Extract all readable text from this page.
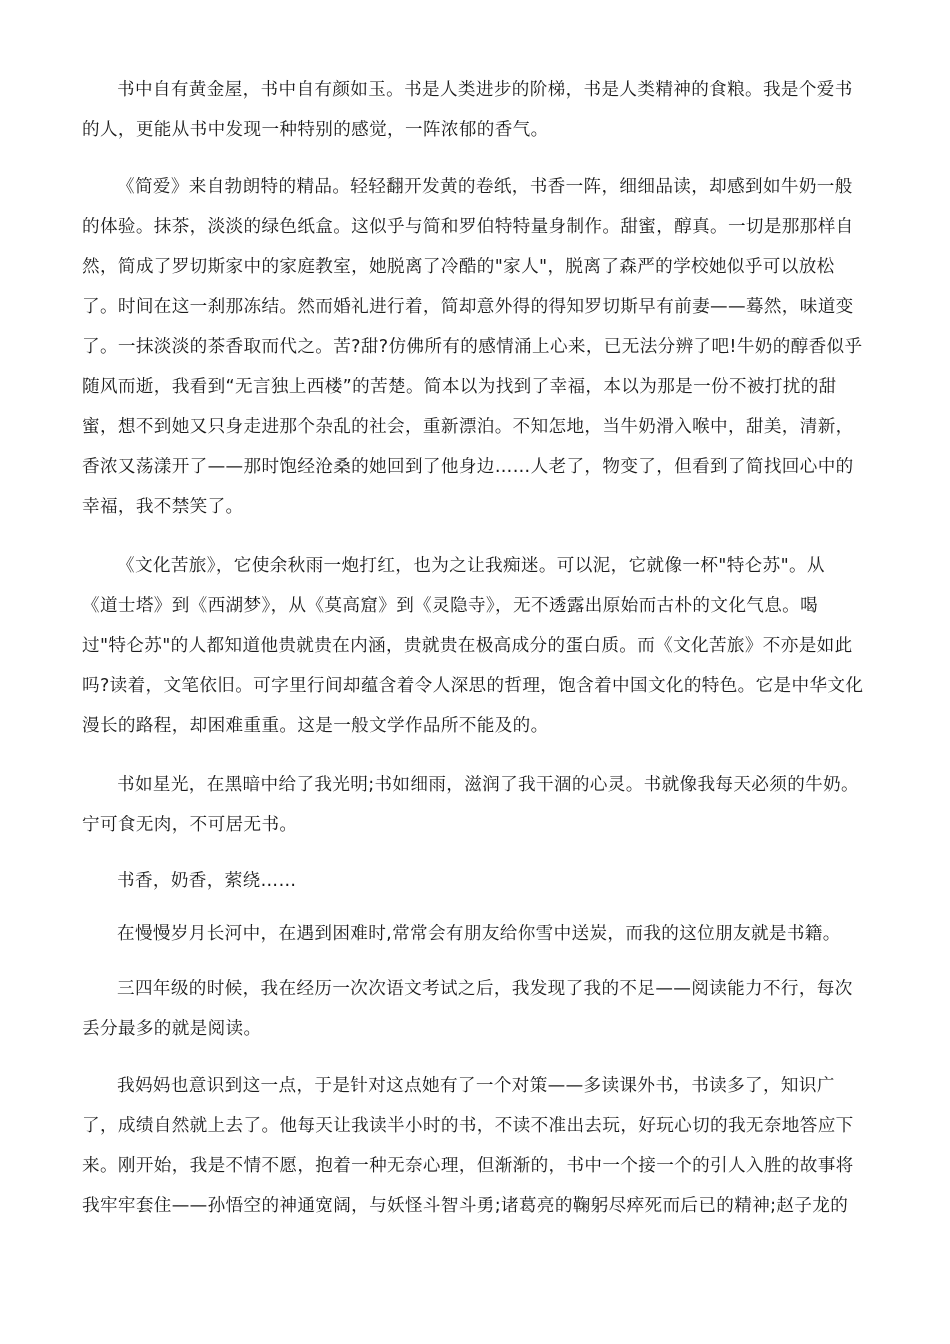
书中自有黄金屋，书中自有颜如玉。书是人类进步的阶梯，书是人类精神的食粮。我是个爱书
的人，更能从书中发现一种特别的感觉，一阵浓郁的香气。
《简爱》来自勃朗特的精品。轻轻翻开发黄的卷纸，书香一阵，细细品读，却感到如牛奶一般
的体验。抹茶，淡淡的绿色纸盒。这似乎与简和罗伯特特量身制作。甜蜜，醇真。一切是那那样自
然，简成了罗切斯家中的家庭教室，她脱离了冷酷的"家人"，脱离了森严的学校她似乎可以放松
了。时间在这一刹那冻结。然而婚礼进行着，简却意外得的得知罗切斯早有前妻——蓦然，味道变
了。一抹淡淡的茶香取而代之。苦?甜?仿佛所有的感情涌上心来，已无法分辨了吧!牛奶的醇香似乎
随风而逝，我看到“无言独上西楼”的苦楚。简本以为找到了幸福，本以为那是一份不被打扰的甜
蜜，想不到她又只身走进那个杂乱的社会，重新漂泊。不知怎地，当牛奶滑入喉中，甜美，清新，
香浓又荡漾开了——那时饱经沧桑的她回到了他身边……人老了，物变了，但看到了简找回心中的
幸福，我不禁笑了。
《文化苦旅》，它使余秋雨一炮打红，也为之让我痴迷。可以泥，它就像一杯"特仑苏"。从
《道士塔》到《西湖梦》，从《莫高窟》到《灵隐寺》，无不透露出原始而古朴的文化气息。喝
过"特仑苏"的人都知道他贵就贵在内涵，贵就贵在极高成分的蛋白质。而《文化苦旅》不亦是如此
吗?读着，文笔依旧。可字里行间却蕴含着令人深思的哲理，饱含着中国文化的特色。它是中华文化
漫长的路程，却困难重重。这是一般文学作品所不能及的。
书如星光，在黑暗中给了我光明;书如细雨，滋润了我干涸的心灵。书就像我每天必须的牛奶。
宁可食无肉，不可居无书。
书香，奶香，萦绕……
在慢慢岁月长河中，在遇到困难时,常常会有朋友给你雪中送炭，而我的这位朋友就是书籍。
三四年级的时候，我在经历一次次语文考试之后，我发现了我的不足——阅读能力不行，每次
丢分最多的就是阅读。
我妈妈也意识到这一点，于是针对这点她有了一个对策——多读课外书，书读多了，知识广
了，成绩自然就上去了。他每天让我读半小时的书，不读不准出去玩，好玩心切的我无奈地答应下
来。刚开始，我是不情不愿，抱着一种无奈心理，但渐渐的，书中一个接一个的引人入胜的故事将
我牢牢套住——孙悟空的神通宽阔，与妖怪斗智斗勇;诸葛亮的鞠躬尽瘁死而后已的精神;赵子龙的
